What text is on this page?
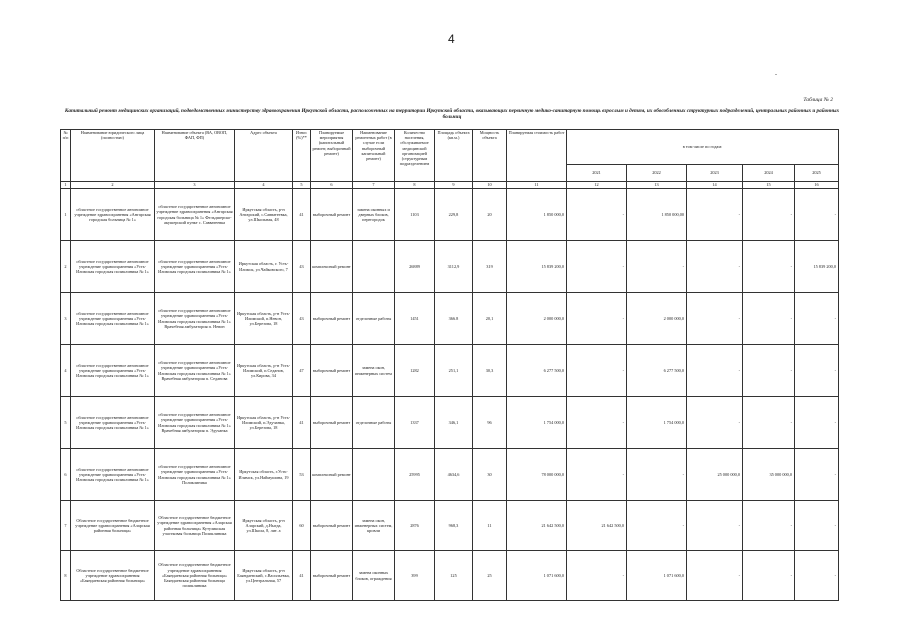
4
-
Таблица № 2
Капитальный ремонт медицинских организаций, подведомственных министерству здравоохранения Иркутской области, расположенных на территории Иркутской области, оказывающих первичную медико-санитарную помощь взрослым и детям, их обособленных структурных подразделений, центральных районных и районных больниц
№ п/п	Наименование юридического лица (полностью)	Наименование объекта (ВА, ОВОП, ФАП, ФП)	Адрес объекта	Износ (%)**	Планируемые мероприятия (капитальный ремонт, выборочный ремонт)	Наименование ремонтных работ (в случае если выборочный капитальный ремонт)	Количество населения, обслуживаемое медицинской организацией (структурным подразделением	Площадь объекта (кв.м.)	Мощность объекта	Планируемая стоимость работ	в том числе по годам:				
											2021	2022	2023	2024	2025
1	2	3	4	5	6	7	8	9	10	11	12	13	14	15	16
1	областное государственное автономное учреждение здравоохранения «Ангарская городская больница № 1»	областное государственное автономное учреждение здравоохранения «Ангарская городская больница № 1» Фельдшерско-акушерский пункт с. Савватеевка	Иркутская область, р-н Ангарский, с.Савватеевка, ул.Школьная, 48	41	выборочный ремонт	замена оконных и дверных блоков, перегородок	1103	229,8	20	1 850 000,0	-	1 850 000,00	-	-	-
2	областное государственное автономное учреждение здравоохранения «Усть-Илимская городская поликлиника № 1»	областное государственное автономное учреждение здравоохранения «Усть-Илимская городская поликлиника № 1»	Иркутская область, г. Усть-Илимск, ул.Чайковского, 7	43	комплексный ремонт		26889	3112,9	319	15 839 200,0	-	-	-	-	15 839 200,0
3	областное государственное автономное учреждение здравоохранения «Усть-Илимская городская поликлиника № 1»	областное государственное автономное учреждение здравоохранения «Усть-Илимская городская поликлиника № 1» Врачебная амбулатория п. Невон	Иркутская область, р-н Усть-Илимский, п.Невон, ул.Березова, 18	43	выборочный ремонт	отделочные работы	1451	366.8	20,1	2 000 000,0	-	2 000 000,0	-	-	-
4	областное государственное автономное учреждение здравоохранения «Усть-Илимская городская поликлиника № 1»	областное государственное автономное учреждение здравоохранения «Усть-Илимская городская поликлиника № 1» Врачебная амбулатория п. Седанова	Иркутская область, р-н Усть-Илимский, п.Седанов, ул.Кирова, 34	47	выборочный ремонт	замена окон, инженерных систем	1282	251,1	30,3	6 277 500,0	-	6 277 500,0	-	-	-
5	областное государственное автономное учреждение здравоохранения «Усть-Илимская городская поликлиника № 1»	областное государственное автономное учреждение здравоохранения «Усть-Илимская городская поликлиника № 1» Врачебная амбулатория п. Эдучанка	Иркутская область, р-н Усть-Илимский, п.Эдучанка, ул.Березова, 18	41	выборочный ремонт	отделочные работы	1337	346,1	96	1 754 000,0	-	1 754 000,0	-	-	-
6	областное государственное автономное учреждение здравоохранения «Усть-Илимская городская поликлиника № 1»	областное государственное автономное учреждение здравоохранения «Усть-Илимская городская поликлиника № 1» Поликлиника	Иркутская область, г.Усть-Илимск, ул.Наймушина, 19	53	комплексный ремонт		25995	4634,6	30	78 000 000,0	-	-	25 000 000,0	35 000 000,0	-
7	Областное государственное бюджетное учреждение здравоохранения «Аларская районная больница»	Областное государственное бюджетное учреждение здравоохранения «Аларская районная больница» Кутуликская участковая больница Поликлиника	Иркутская область, р-н Аларский, д.Ныгда, ул.Школа, 8, лит. а	60	выборочный ремонт	замена окон, инженерных систем, кровли	2876	968,3	11	21 642 500,0	21 642 500,0	-	-	-	-
8	Областное государственное бюджетное учреждение здравоохранения «Баяндаевская районная больница»	Областное государственное бюджетное учреждение здравоохранения «Баяндаевская районная больница» Баяндаевская районная больница поликлиника	Иркутская область, р-н Баяндаевский, с.Васильевка, ул.Центральная, 57	41	выборочный ремонт	замена оконных блоков, ограждения	399	125	25	1 071 600,0	-	1 071 600,0	-	-	-
